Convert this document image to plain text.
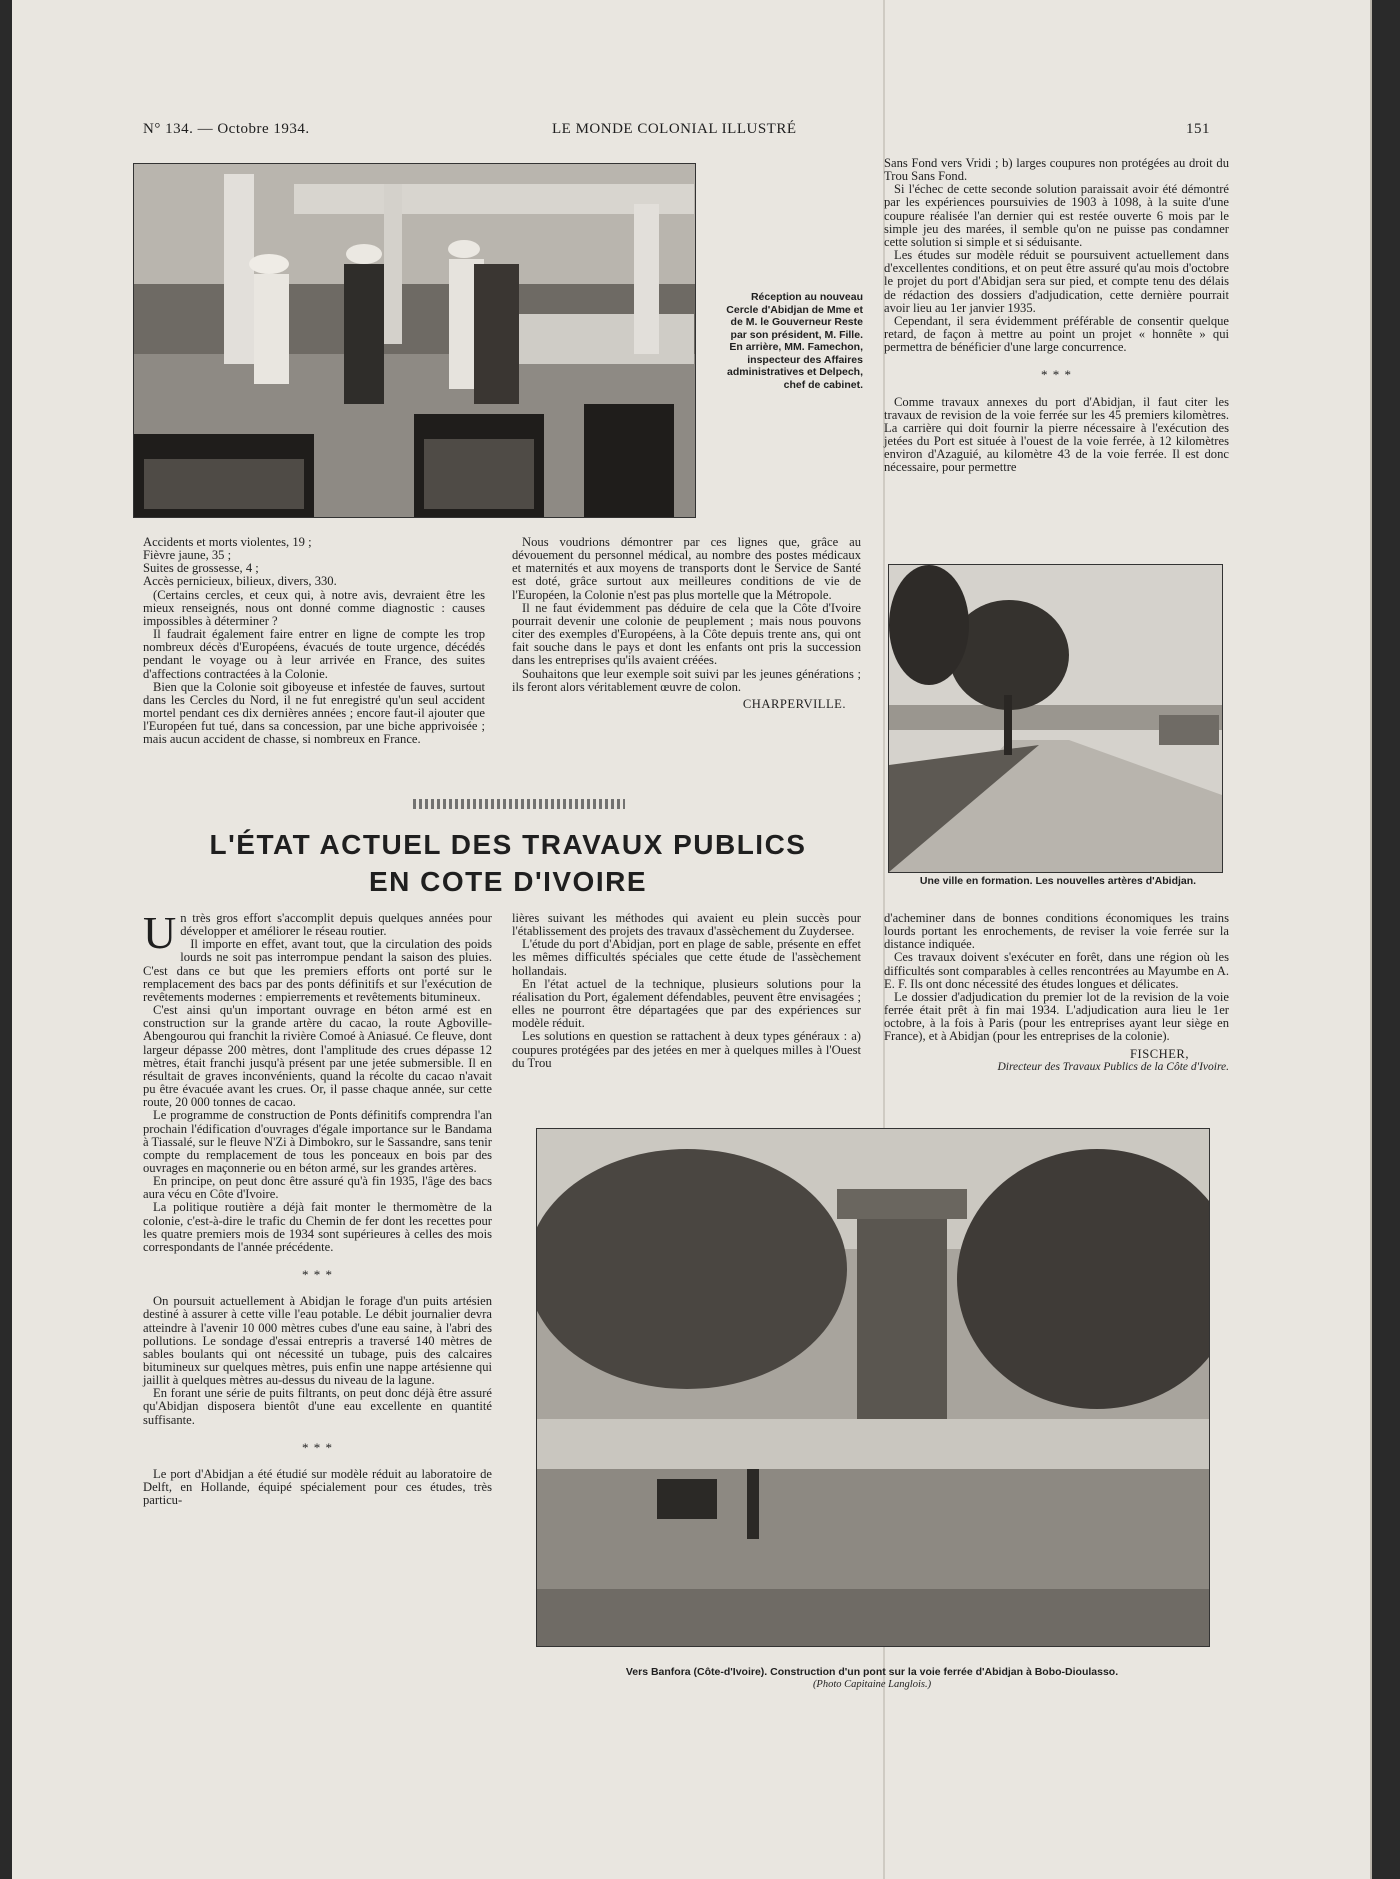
N° 134. — Octobre 1934.	LE MONDE COLONIAL ILLUSTRÉ	151
Réception au nouveau Cercle d'Abidjan de Mme et de M. le Gouverneur Reste par son président, M. Fille. En arrière, MM. Famechon, inspecteur des Affaires administratives et Delpech, chef de cabinet.
Une ville en formation. Les nouvelles artères d'Abidjan.
Vers Banfora (Côte-d'Ivoire). Construction d'un pont sur la voie ferrée d'Abidjan à Bobo-Dioulasso.
(Photo Capitaine Langlois.)

Accidents et morts violentes, 19 ;

Fièvre jaune, 35 ;

Suites de grossesse, 4 ;

Accès pernicieux, bilieux, divers, 330.

(Certains cercles, et ceux qui, à notre avis, devraient être les mieux renseignés, nous ont donné comme diagnostic : causes impossibles à déterminer ?

Il faudrait également faire entrer en ligne de compte les trop nombreux décès d'Européens, évacués de toute urgence, décédés pendant le voyage ou à leur arrivée en France, des suites d'affections contractées à la Colonie.

Bien que la Colonie soit giboyeuse et infestée de fauves, surtout dans les Cercles du Nord, il ne fut enregistré qu'un seul accident mortel pendant ces dix dernières années ; encore faut-il ajouter que l'Européen fut tué, dans sa concession, par une biche apprivoisée ; mais aucun accident de chasse, si nombreux en France.

Nous voudrions démontrer par ces lignes que, grâce au dévouement du personnel médical, au nombre des postes médicaux et maternités et aux moyens de transports dont le Service de Santé est doté, grâce surtout aux meilleures conditions de vie de l'Européen, la Colonie n'est pas plus mortelle que la Métropole.

Il ne faut évidemment pas déduire de cela que la Côte d'Ivoire pourrait devenir une colonie de peuplement ; mais nous pouvons citer des exemples d'Européens, à la Côte depuis trente ans, qui ont fait souche dans le pays et dont les enfants ont pris la succession dans les entreprises qu'ils avaient créées.

Souhaitons que leur exemple soit suivi par les jeunes générations ; ils feront alors véritablement œuvre de colon.

CHARPERVILLE.

L'ÉTAT ACTUEL DES TRAVAUX PUBLICS
EN COTE D'IVOIRE

Un très gros effort s'accomplit depuis quelques années pour développer et améliorer le réseau routier.

Il importe en effet, avant tout, que la circulation des poids lourds ne soit pas interrompue pendant la saison des pluies. C'est dans ce but que les premiers efforts ont porté sur le remplacement des bacs par des ponts définitifs et sur l'exécution de revêtements modernes : empierrements et revêtements bitumineux.

C'est ainsi qu'un important ouvrage en béton armé est en construction sur la grande artère du cacao, la route Agboville-Abengourou qui franchit la rivière Comoé à Aniasué. Ce fleuve, dont largeur dépasse 200 mètres, dont l'amplitude des crues dépasse 12 mètres, était franchi jusqu'à présent par une jetée submersible. Il en résultait de graves inconvénients, quand la récolte du cacao n'avait pu être évacuée avant les crues. Or, il passe chaque année, sur cette route, 20 000 tonnes de cacao.

Le programme de construction de Ponts définitifs comprendra l'an prochain l'édification d'ouvrages d'égale importance sur le Bandama à Tiassalé, sur le fleuve N'Zi à Dimbokro, sur le Sassandre, sans tenir compte du remplacement de tous les ponceaux en bois par des ouvrages en maçonnerie ou en béton armé, sur les grandes artères.

En principe, on peut donc être assuré qu'à fin 1935, l'âge des bacs aura vécu en Côte d'Ivoire.

La politique routière a déjà fait monter le thermomètre de la colonie, c'est-à-dire le trafic du Chemin de fer dont les recettes pour les quatre premiers mois de 1934 sont supérieures à celles des mois correspondants de l'année précédente.

* * *

On poursuit actuellement à Abidjan le forage d'un puits artésien destiné à assurer à cette ville l'eau potable. Le débit journalier devra atteindre à l'avenir 10 000 mètres cubes d'une eau saine, à l'abri des pollutions. Le sondage d'essai entrepris a traversé 140 mètres de sables boulants qui ont nécessité un tubage, puis des calcaires bitumineux sur quelques mètres, puis enfin une nappe artésienne qui jaillit à quelques mètres au-dessus du niveau de la lagune.

En forant une série de puits filtrants, on peut donc déjà être assuré qu'Abidjan disposera bientôt d'une eau excellente en quantité suffisante.

* * *

Le port d'Abidjan a été étudié sur modèle réduit au laboratoire de Delft, en Hollande, équipé spécialement pour ces études, très particu-

lières suivant les méthodes qui avaient eu plein succès pour l'établissement des projets des travaux d'assèchement du Zuydersee.

L'étude du port d'Abidjan, port en plage de sable, présente en effet les mêmes difficultés spéciales que cette étude de l'assèchement hollandais.

En l'état actuel de la technique, plusieurs solutions pour la réalisation du Port, également défendables, peuvent être envisagées ; elles ne pourront être départagées que par des expériences sur modèle réduit.

Les solutions en question se rattachent à deux types généraux : a) coupures protégées par des jetées en mer à quelques milles à l'Ouest du Trou

Sans Fond vers Vridi ; b) larges coupures non protégées au droit du Trou Sans Fond.

Si l'échec de cette seconde solution paraissait avoir été démontré par les expériences poursuivies de 1903 à 1098, à la suite d'une coupure réalisée l'an dernier qui est restée ouverte 6 mois par le simple jeu des marées, il semble qu'on ne puisse pas condamner cette solution si simple et si séduisante.

Les études sur modèle réduit se poursuivent actuellement dans d'excellentes conditions, et on peut être assuré qu'au mois d'octobre le projet du port d'Abidjan sera sur pied, et compte tenu des délais de rédaction des dossiers d'adjudication, cette dernière pourrait avoir lieu au 1er janvier 1935.

Cependant, il sera évidemment préférable de consentir quelque retard, de façon à mettre au point un projet « honnête » qui permettra de bénéficier d'une large concurrence.

* * *

Comme travaux annexes du port d'Abidjan, il faut citer les travaux de revision de la voie ferrée sur les 45 premiers kilomètres. La carrière qui doit fournir la pierre nécessaire à l'exécution des jetées du Port est située à l'ouest de la voie ferrée, à 12 kilomètres environ d'Azaguié, au kilomètre 43 de la voie ferrée. Il est donc nécessaire, pour permettre

d'acheminer dans de bonnes conditions économiques les trains lourds portant les enrochements, de reviser la voie ferrée sur la distance indiquée.

Ces travaux doivent s'exécuter en forêt, dans une région où les difficultés sont comparables à celles rencontrées au Mayumbe en A. E. F. Ils ont donc nécessité des études longues et délicates.

Le dossier d'adjudication du premier lot de la revision de la voie ferrée était prêt à fin mai 1934. L'adjudication aura lieu le 1er octobre, à la fois à Paris (pour les entreprises ayant leur siège en France), et à Abidjan (pour les entreprises de la colonie).

FISCHER,

Directeur des Travaux Publics de la Côte d'Ivoire.
